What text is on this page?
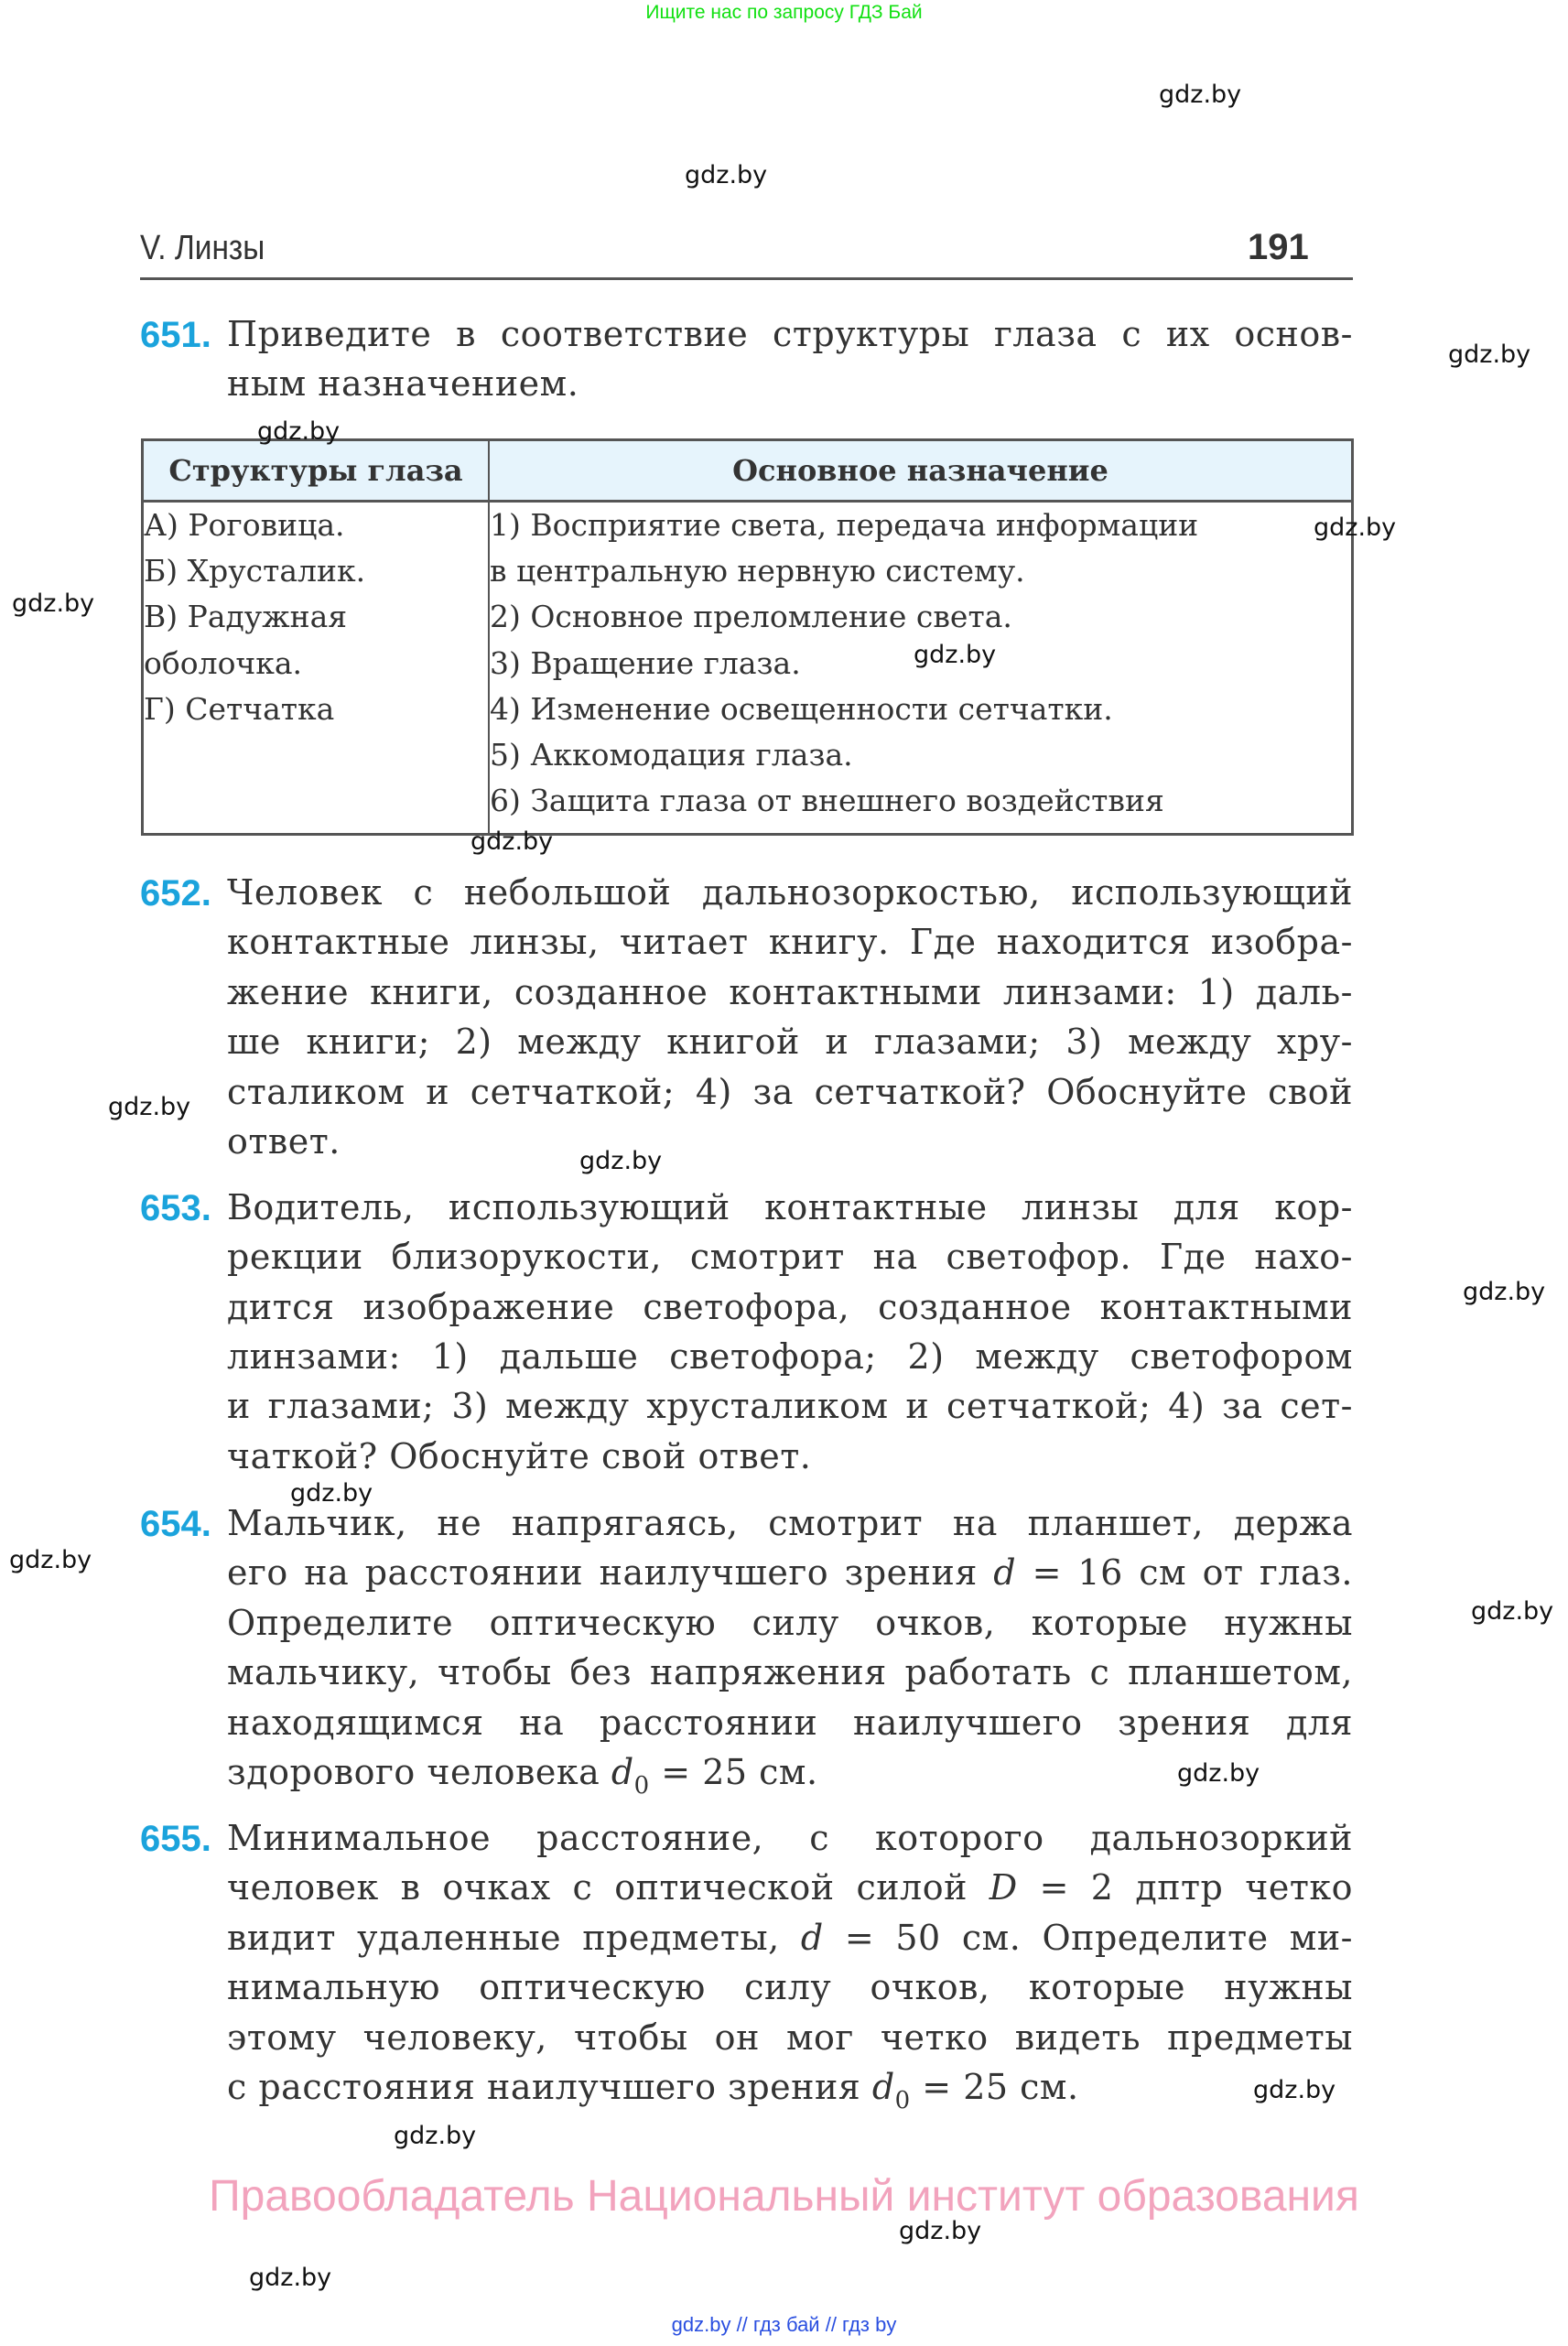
Ищите нас по запросу ГДЗ Бай
V. Линзы	191
651. Приведите в соответствие структуры глаза с их основ-
ным назначением.
Структуры глаза	Основное назначение

А) Роговица.
Б) Хрусталик.
В) Радужная
оболочка.
Г) Сетчатка

1) Восприятие света, передача информации
в центральную нервную систему.
2) Основное преломление света.
3) Вращение глаза.
4) Изменение освещенности сетчатки.
5) Аккомодация глаза.
6) Защита глаза от внешнего воздействия
652. Человек с небольшой дальнозоркостью, использующий
контактные линзы, читает книгу. Где находится изобра-
жение книги, созданное контактными линзами: 1) даль-
ше книги; 2) между книгой и глазами; 3) между хру-
сталиком и сетчаткой; 4) за сетчаткой? Обоснуйте свой
ответ.
653. Водитель, использующий контактные линзы для кор-
рекции близорукости, смотрит на светофор. Где нахо-
дится изображение светофора, созданное контактными
линзами: 1) дальше светофора; 2) между светофором
и глазами; 3) между хрусталиком и сетчаткой; 4) за сет-
чаткой? Обоснуйте свой ответ.
654. Мальчик, не напрягаясь, смотрит на планшет, держа
его на расстоянии наилучшего зрения d = 16 см от глаз.
Определите оптическую силу очков, которые нужны
мальчику, чтобы без напряжения работать с планшетом,
находящимся на расстоянии наилучшего зрения для
здорового человека $d_0 = 25$ см.
655. Минимальное расстояние, с которого дальнозоркий
человек в очках с оптической силой D = 2 дптр четко
видит удаленные предметы, d = 50 см. Определите ми-
нимальную оптическую силу очков, которые нужны
этому человеку, чтобы он мог четко видеть предметы
с расстояния наилучшего зрения $d_0 = 25$ см.
gdz.by
gdz.by
gdz.by
gdz.by
gdz.by
gdz.by
gdz.by
gdz.by
gdz.by
gdz.by
gdz.by
gdz.by
gdz.by
gdz.by
gdz.by
gdz.by
gdz.by
gdz.by
gdz.by
Правообладатель Национальный институт образования
gdz.by // гдз бай // гдз by
